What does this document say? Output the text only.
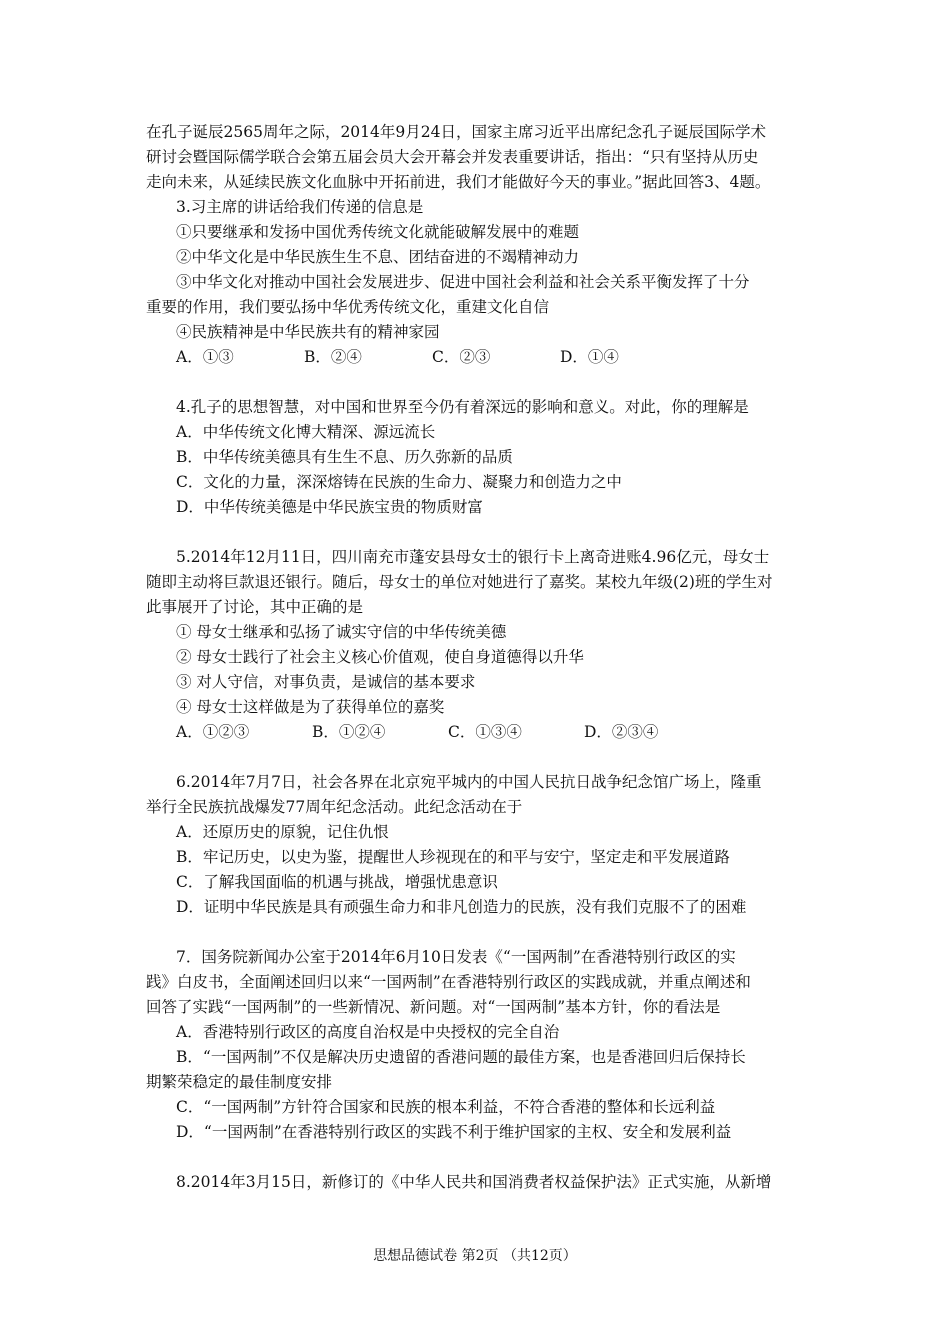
在孔子诞辰2565周年之际，2014年9月24日，国家主席习近平出席纪念孔子诞辰国际学术
研讨会暨国际儒学联合会第五届会员大会开幕会并发表重要讲话，指出：“只有坚持从历史
走向未来，从延续民族文化血脉中开拓前进，我们才能做好今天的事业。”据此回答3、4题。
3.习主席的讲话给我们传递的信息是
①只要继承和发扬中国优秀传统文化就能破解发展中的难题
②中华文化是中华民族生生不息、团结奋进的不竭精神动力
③中华文化对推动中国社会发展进步、促进中国社会利益和社会关系平衡发挥了十分
重要的作用，我们要弘扬中华优秀传统文化，重建文化自信
④民族精神是中华民族共有的精神家园
A．①③	B．②④	C．②③	D．①④
4.孔子的思想智慧，对中国和世界至今仍有着深远的影响和意义。对此，你的理解是
A．中华传统文化博大精深、源远流长
B．中华传统美德具有生生不息、历久弥新的品质
C．文化的力量，深深熔铸在民族的生命力、凝聚力和创造力之中
D．中华传统美德是中华民族宝贵的物质财富
5.2014年12月11日，四川南充市蓬安县母女士的银行卡上离奇进账4.96亿元，母女士
随即主动将巨款退还银行。随后，母女士的单位对她进行了嘉奖。某校九年级(2)班的学生对
此事展开了讨论，其中正确的是
① 母女士继承和弘扬了诚实守信的中华传统美德
② 母女士践行了社会主义核心价值观，使自身道德得以升华
③ 对人守信，对事负责，是诚信的基本要求
④ 母女士这样做是为了获得单位的嘉奖
A．①②③	B．①②④	C．①③④	D．②③④
6.2014年7月7日，社会各界在北京宛平城内的中国人民抗日战争纪念馆广场上，隆重
举行全民族抗战爆发77周年纪念活动。此纪念活动在于
A．还原历史的原貌，记住仇恨
B．牢记历史，以史为鉴，提醒世人珍视现在的和平与安宁，坚定走和平发展道路
C．了解我国面临的机遇与挑战，增强忧患意识
D．证明中华民族是具有顽强生命力和非凡创造力的民族，没有我们克服不了的困难
7．国务院新闻办公室于2014年6月10日发表《“一国两制”在香港特别行政区的实
践》白皮书，全面阐述回归以来“一国两制”在香港特别行政区的实践成就，并重点阐述和
回答了实践“一国两制”的一些新情况、新问题。对“一国两制”基本方针，你的看法是
A．香港特别行政区的高度自治权是中央授权的完全自治
B．“一国两制”不仅是解决历史遗留的香港问题的最佳方案，也是香港回归后保持长
期繁荣稳定的最佳制度安排
C．“一国两制”方针符合国家和民族的根本利益，不符合香港的整体和长远利益
D．“一国两制”在香港特别行政区的实践不利于维护国家的主权、安全和发展利益
8.2014年3月15日，新修订的《中华人民共和国消费者权益保护法》正式实施，从新增
思想品德试卷 第2页 （共12页）
